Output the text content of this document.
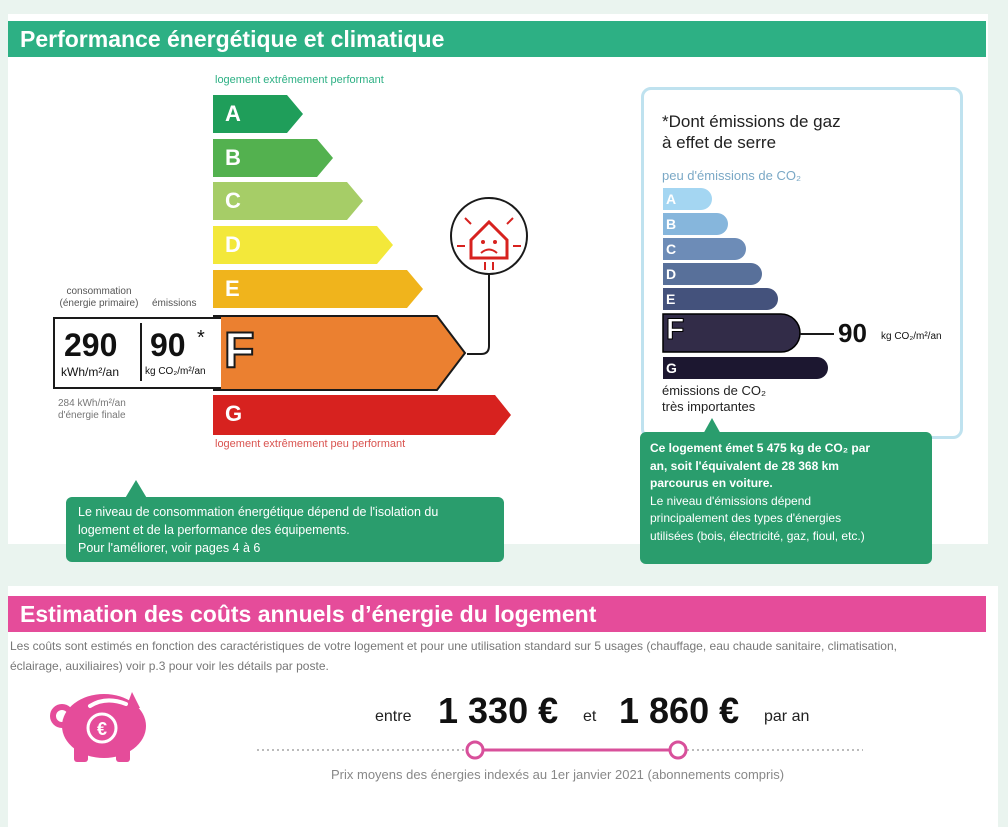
Performance énergétique et climatique
logement extrêmement performant
A
B
C
D
E
F
G
logement extrêmement peu performant
consommation
(énergie primaire)	émissions
290
kWh/m²/an
90 *
kg CO₂/m²/an
284 kWh/m²/an
d'énergie finale
Le niveau de consommation énergétique dépend de l'isolation du
logement et de la performance des équipements.
Pour l'améliorer, voir pages 4 à 6
*Dont émissions de gaz
à effet de serre
peu d'émissions de CO₂
A
B
C
D
E
F
G
90 kg CO₂/m²/an
émissions de CO₂
très importantes
Ce logement émet 5 475 kg de CO₂ par
an, soit l'équivalent de 28 368 km
parcourus en voiture.
Le niveau d'émissions dépend
principalement des types d'énergies
utilisées (bois, électricité, gaz, fioul, etc.)
Estimation des coûts annuels d’énergie du logement
Les coûts sont estimés en fonction des caractéristiques de votre logement et pour une utilisation standard sur 5 usages (chauffage, eau chaude sanitaire, climatisation,
éclairage, auxiliaires) voir p.3 pour voir les détails par poste.
€
entre 1 330 € et 1 860 € par an
Prix moyens des énergies indexés au 1er janvier 2021 (abonnements compris)
